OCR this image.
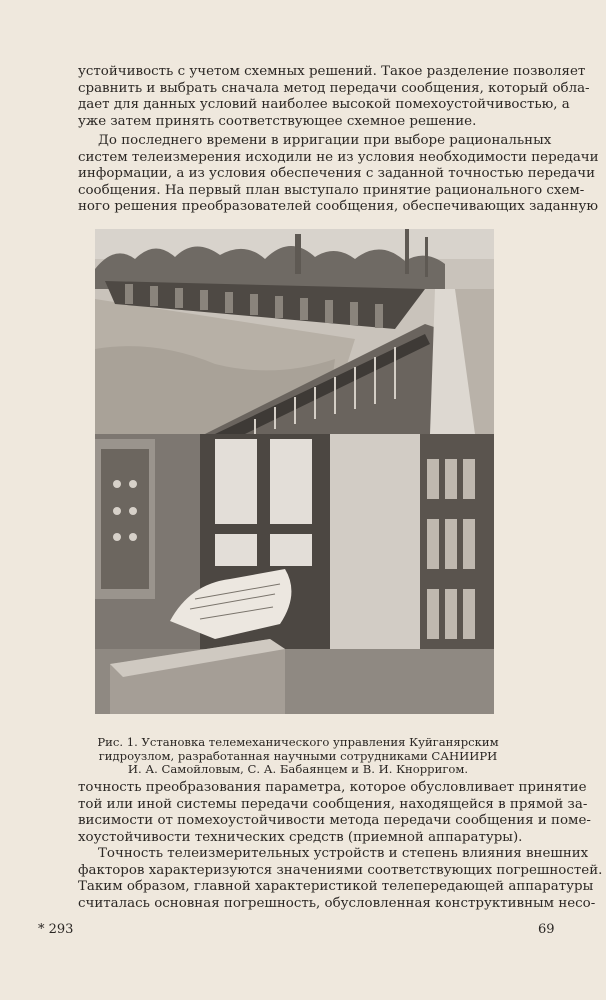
устойчивость с учетом схемных решений. Такое разделение позволяет
сравнить и выбрать сначала метод передачи сообщения, который обла-
дает для данных условий наиболее высокой помехоустойчивостью, а
уже затем принять соответствующее схемное решение.

До последнего времени в ирригации при выборе рациональных
систем телеизмерения исходили не из условия необходимости передачи
информации, а из условия обеспечения с заданной точностью передачи
сообщения. На первый план выступало принятие рационального схем-
ного решения преобразователей сообщения, обеспечивающих заданную

Рис. 1. Установка телемеханического управления Куйганярским
гидроузлом, разработанная научными сотрудниками САНИИРИ
И. А. Самойловым, С. А. Бабаянцем и В. И. Кнорригом.

точность преобразования параметра, которое обусловливает принятие
той или иной системы передачи сообщения, находящейся в прямой за-
висимости от помехоустойчивости метода передачи сообщения и поме-
хоустойчивости технических средств (приемной аппаратуры).

Точность телеизмерительных устройств и степень влияния внешних
факторов характеризуются значениями соответствующих погрешностей.
Таким образом, главной характеристикой телепередающей аппаратуры
считалась основная погрешность, обусловленная конструктивным несо-

* 293	69
